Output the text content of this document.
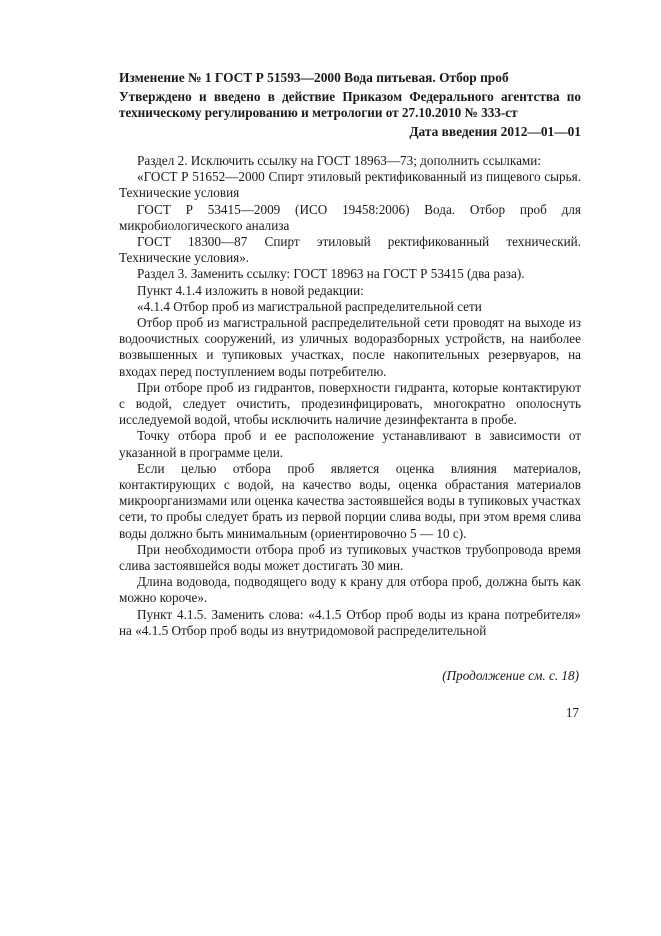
Изменение № 1 ГОСТ Р 51593—2000 Вода питьевая. Отбор проб
Утверждено и введено в действие Приказом Федерального агентства по техническому регулированию и метрологии от 27.10.2010 № 333-ст
Дата введения 2012—01—01

Раздел 2. Исключить ссылку на ГОСТ 18963—73; дополнить ссылками:

«ГОСТ Р 51652—2000 Спирт этиловый ректификованный из пищевого сырья. Технические условия

ГОСТ Р 53415—2009 (ИСО 19458:2006) Вода. Отбор проб для микробиологического анализа

ГОСТ 18300—87 Спирт этиловый ректификованный технический. Технические условия».

Раздел 3. Заменить ссылку: ГОСТ 18963 на ГОСТ Р 53415 (два раза).

Пункт 4.1.4 изложить в новой редакции:

«4.1.4 Отбор проб из магистральной распределительной сети

Отбор проб из магистральной распределительной сети проводят на выходе из водоочистных сооружений, из уличных водоразборных устройств, на наиболее возвышенных и тупиковых участках, после накопительных резервуаров, на входах перед поступлением воды потребителю.

При отборе проб из гидрантов, поверхности гидранта, которые контактируют с водой, следует очистить, продезинфицировать, многократно ополоснуть исследуемой водой, чтобы исключить наличие дезинфектанта в пробе.

Точку отбора проб и ее расположение устанавливают в зависимости от указанной в программе цели.

Если целью отбора проб является оценка влияния материалов, контактирующих с водой, на качество воды, оценка обрастания материалов микроорганизмами или оценка качества застоявшейся воды в тупиковых участках сети, то пробы следует брать из первой порции слива воды, при этом время слива воды должно быть минимальным (ориентировочно 5 — 10 с).

При необходимости отбора проб из тупиковых участков трубопровода время слива застоявшейся воды может достигать 30 мин.

Длина водовода, подводящего воду к крану для отбора проб, должна быть как можно короче».

Пункт 4.1.5. Заменить слова: «4.1.5 Отбор проб воды из крана потребителя» на «4.1.5 Отбор проб воды из внутридомовой распределительной

(Продолжение см. с. 18)
17
